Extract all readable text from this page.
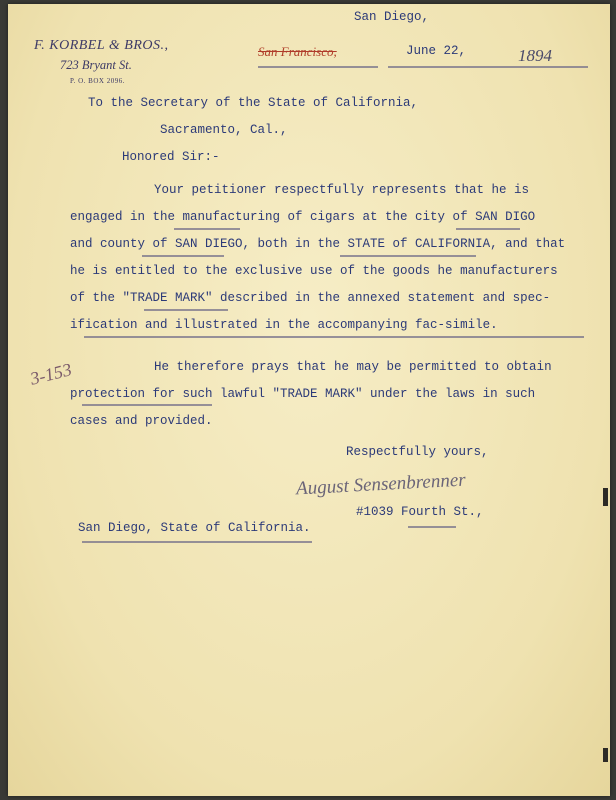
F. KORBEL & BROS.,
723 Bryant St.
P. O. BOX 2096.
San Diego,
San Francisco,	June 22,	1894
To the Secretary of the State of California,
Sacramento, Cal.,
Honored Sir:-
Your petitioner respectfully represents that he is
engaged in the manufacturing of cigars at the city of SAN DIGO
and county of SAN DIEGO, both in the STATE of CALIFORNIA, and that
he is entitled to the exclusive use of the goods he manufacturers
of the "TRADE MARK" described in the annexed statement and spec-
ification and illustrated in the accompanying fac-simile.
3-153	He therefore prays that he may be permitted to obtain
protection for such lawful "TRADE MARK" under the laws in such
cases and provided.
Respectfully yours,
August Sensenbrenner
#1039 Fourth St.,
San Diego, State of California.
